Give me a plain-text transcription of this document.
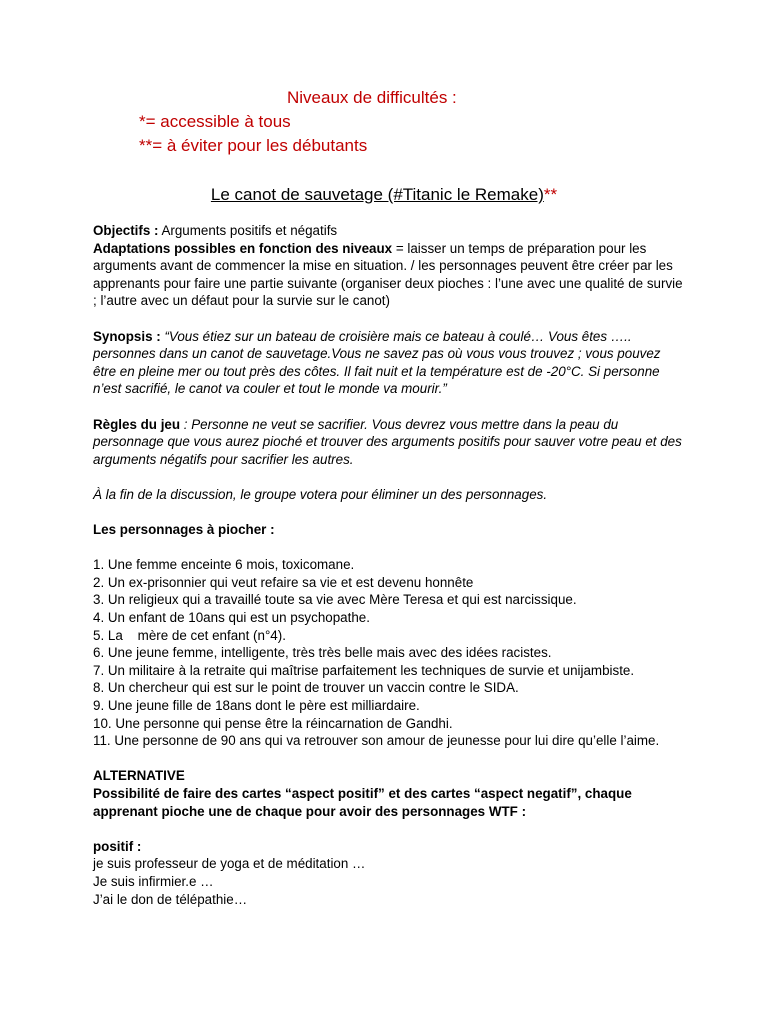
Niveaux de difficultés :
*= accessible à tous
**= à éviter pour les débutants
Le canot de sauvetage (#Titanic le Remake)**

Objectifs : Arguments positifs et négatifs

Adaptations possibles en fonction des niveaux = laisser un temps de préparation pour les arguments avant de commencer la mise en situation. / les personnages peuvent être créer par les apprenants pour faire une partie suivante (organiser deux pioches : l’une avec une qualité de survie ; l’autre avec un défaut pour la survie sur le canot)

Synopsis : “Vous étiez sur un bateau de croisière mais ce bateau à coulé… Vous êtes ….. personnes dans un canot de sauvetage.Vous ne savez pas où vous vous trouvez ; vous pouvez être en pleine mer ou tout près des côtes. Il fait nuit et la température est de -20°C. Si personne n’est sacrifié, le canot va couler et tout le monde va mourir.”

Règles du jeu : Personne ne veut se sacrifier. Vous devrez vous mettre dans la peau du personnage que vous aurez pioché et trouver des arguments positifs pour sauver votre peau et des arguments négatifs pour sacrifier les autres.

À la fin de la discussion, le groupe votera pour éliminer un des personnages.

Les personnages à piocher :

1. Une femme enceinte 6 mois, toxicomane.

2. Un ex-prisonnier qui veut refaire sa vie et est devenu honnête

3. Un religieux qui a travaillé toute sa vie avec Mère Teresa et qui est narcissique.

4. Un enfant de 10ans qui est un psychopathe.

5. La    mère de cet enfant (n°4).

6. Une jeune femme, intelligente, très très belle mais avec des idées racistes.

7. Un militaire à la retraite qui maîtrise parfaitement les techniques de survie et unijambiste.

8. Un chercheur qui est sur le point de trouver un vaccin contre le SIDA.

9. Une jeune fille de 18ans dont le père est milliardaire.

10. Une personne qui pense être la réincarnation de Gandhi.

11. Une personne de 90 ans qui va retrouver son amour de jeunesse pour lui dire qu’elle l’aime.

ALTERNATIVE

Possibilité de faire des cartes “aspect positif” et des cartes “aspect negatif”, chaque apprenant pioche une de chaque pour avoir des personnages WTF :

positif :

je suis professeur de yoga et de méditation …

Je suis infirmier.e …

J’ai le don de télépathie…
